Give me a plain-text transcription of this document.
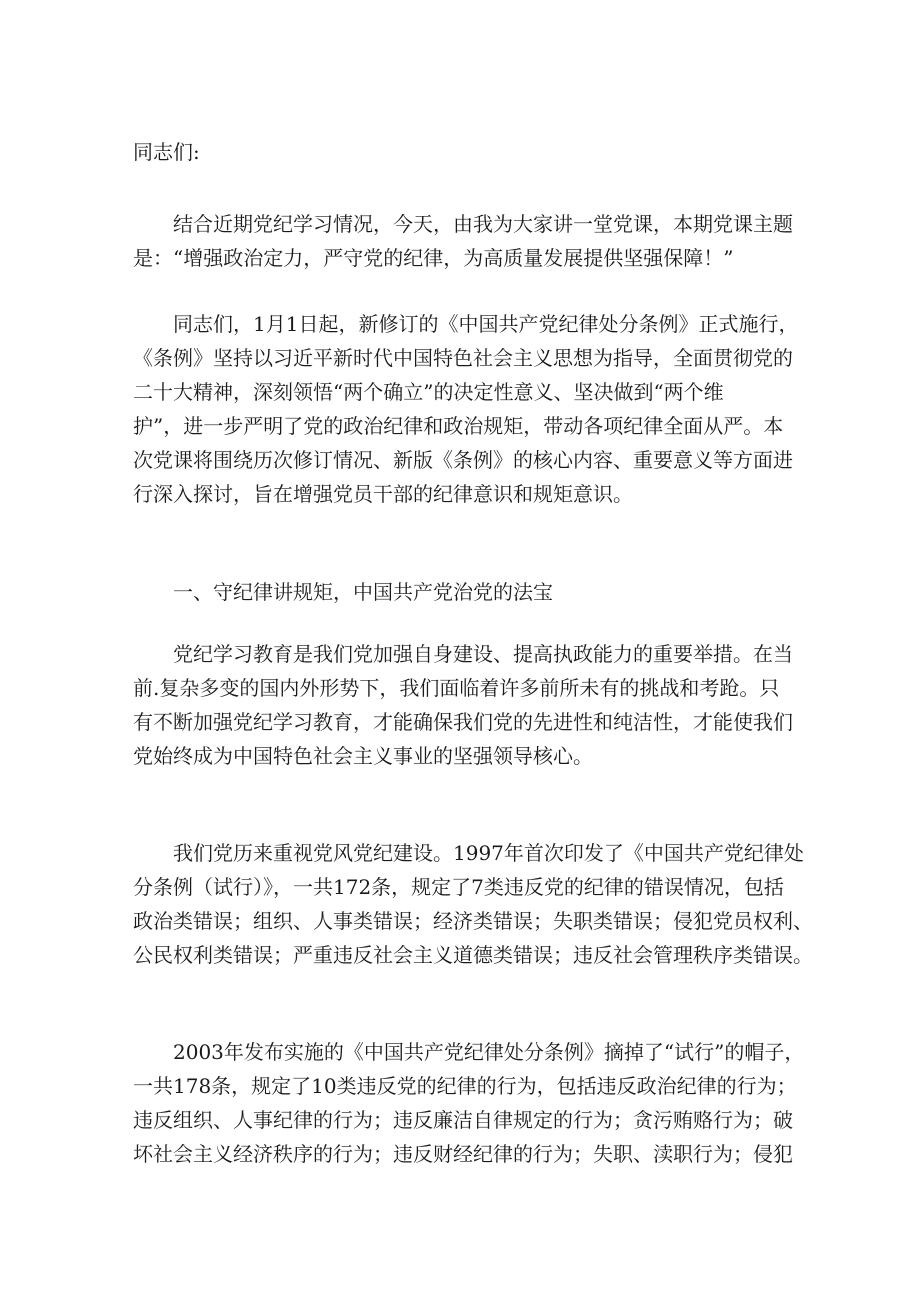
同志们:

结合近期党纪学习情况，今天，由我为大家讲一堂党课，本期党课主题
是：“增强政治定力，严守党的纪律，为高质量发展提供坚强保障！”
同志们，1月1日起，新修订的《中国共产党纪律处分条例》正式施行，
《条例》坚持以习近平新时代中国特色社会主义思想为指导，全面贯彻党的
二十大精神，深刻领悟“两个确立”的决定性意义、坚决做到“两个维
护”，进一步严明了党的政治纪律和政治规矩，带动各项纪律全面从严。本
次党课将围绕历次修订情况、新版《条例》的核心内容、重要意义等方面进
行深入探讨，旨在增强党员干部的纪律意识和规矩意识。
一、守纪律讲规矩，中国共产党治党的法宝
党纪学习教育是我们党加强自身建设、提高执政能力的重要举措。在当
前.复杂多变的国内外形势下，我们面临着许多前所未有的挑战和考跄。只
有不断加强党纪学习教育，才能确保我们党的先进性和纯洁性，才能使我们
党始终成为中国特色社会主义事业的坚强领导核心。
我们党历来重视党风党纪建设。1997年首次印发了《中国共产党纪律处
分条例（试行）》，一共172条，规定了7类违反党的纪律的错误情况，包括
政治类错误；组织、人事类错误；经济类错误；失职类错误；侵犯党员权利、
公民权利类错误；严重违反社会主义道德类错误；违反社会管理秩序类错误。
2003年发布实施的《中国共产党纪律处分条例》摘掉了“试行”的帽子，
一共178条，规定了10类违反党的纪律的行为，包括违反政治纪律的行为；
违反组织、人事纪律的行为；违反廉洁自律规定的行为；贪污贿赂行为；破
坏社会主义经济秩序的行为；违反财经纪律的行为；失职、渎职行为；侵犯
